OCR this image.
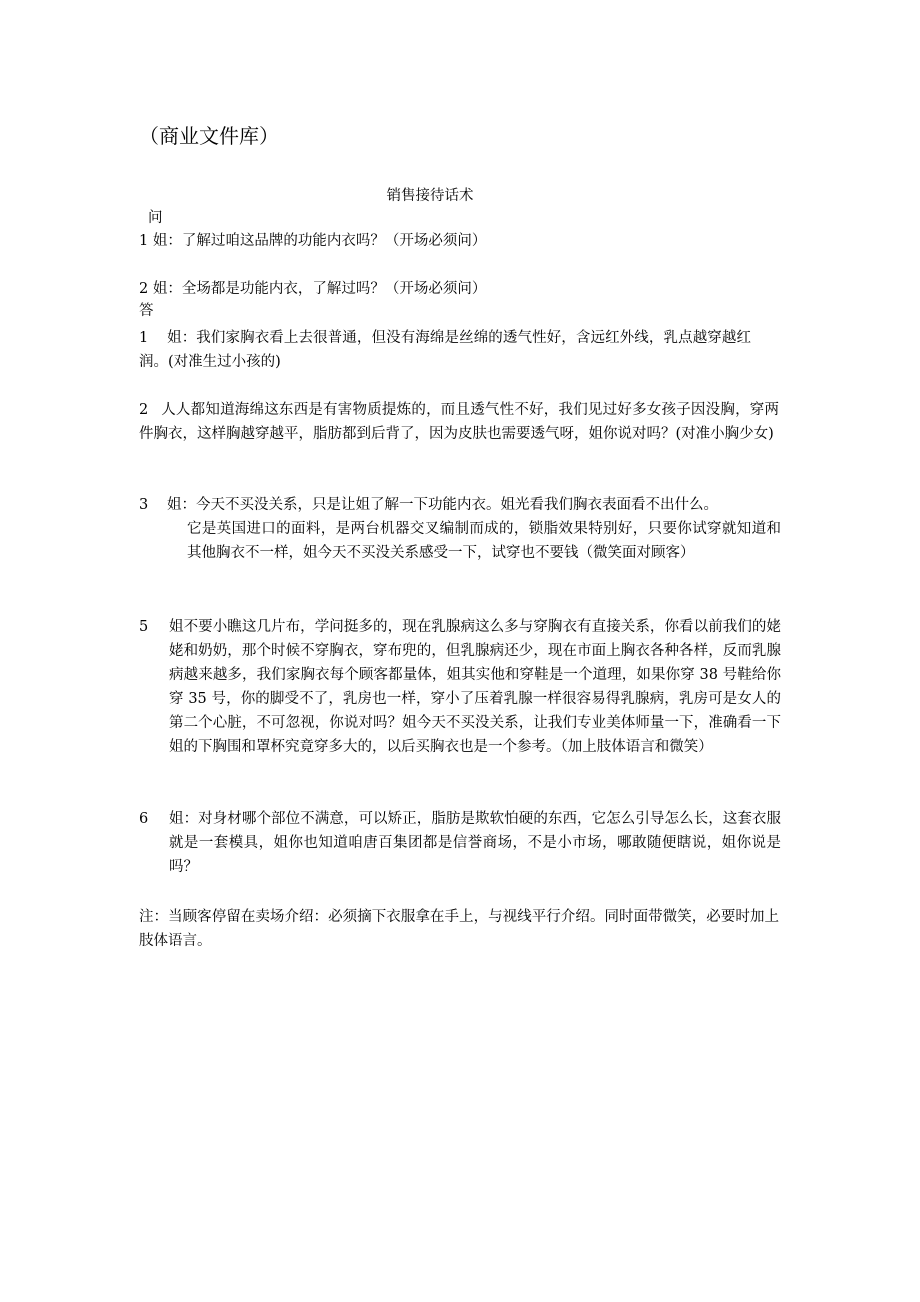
（商业文件库）
销售接待话术
问
1 姐：了解过咱这品牌的功能内衣吗？（开场必须问）
2 姐：全场都是功能内衣，了解过吗？（开场必须问）
答
1 姐：我们家胸衣看上去很普通，但没有海绵是丝绵的透气性好，含远红外线，乳点越穿越红润。(对准生过小孩的)
2 人人都知道海绵这东西是有害物质提炼的，而且透气性不好，我们见过好多女孩子因没胸，穿两件胸衣，这样胸越穿越平，脂肪都到后背了，因为皮肤也需要透气呀，姐你说对吗？(对准小胸少女)
3 姐：今天不买没关系，只是让姐了解一下功能内衣。姐光看我们胸衣表面看不出什么。
它是英国进口的面料，是两台机器交叉编制而成的，锁脂效果特别好，只要你试穿就知道和其他胸衣不一样，姐今天不买没关系感受一下，试穿也不要钱（微笑面对顾客）
5 姐不要小瞧这几片布，学问挺多的，现在乳腺病这么多与穿胸衣有直接关系，你看以前我们的姥姥和奶奶，那个时候不穿胸衣，穿布兜的，但乳腺病还少，现在市面上胸衣各种各样，反而乳腺病越来越多，我们家胸衣每个顾客都量体，姐其实他和穿鞋是一个道理，如果你穿 38 号鞋给你穿 35 号，你的脚受不了，乳房也一样，穿小了压着乳腺一样很容易得乳腺病，乳房可是女人的第二个心脏，不可忽视，你说对吗？姐今天不买没关系，让我们专业美体师量一下，准确看一下姐的下胸围和罩杯究竟穿多大的，以后买胸衣也是一个参考。（加上肢体语言和微笑）
6 姐：对身材哪个部位不满意，可以矫正，脂肪是欺软怕硬的东西，它怎么引导怎么长，这套衣服就是一套模具，姐你也知道咱唐百集团都是信誉商场，不是小市场，哪敢随便瞎说，姐你说是吗？
注：当顾客停留在卖场介绍：必须摘下衣服拿在手上，与视线平行介绍。同时面带微笑，必要时加上肢体语言。
